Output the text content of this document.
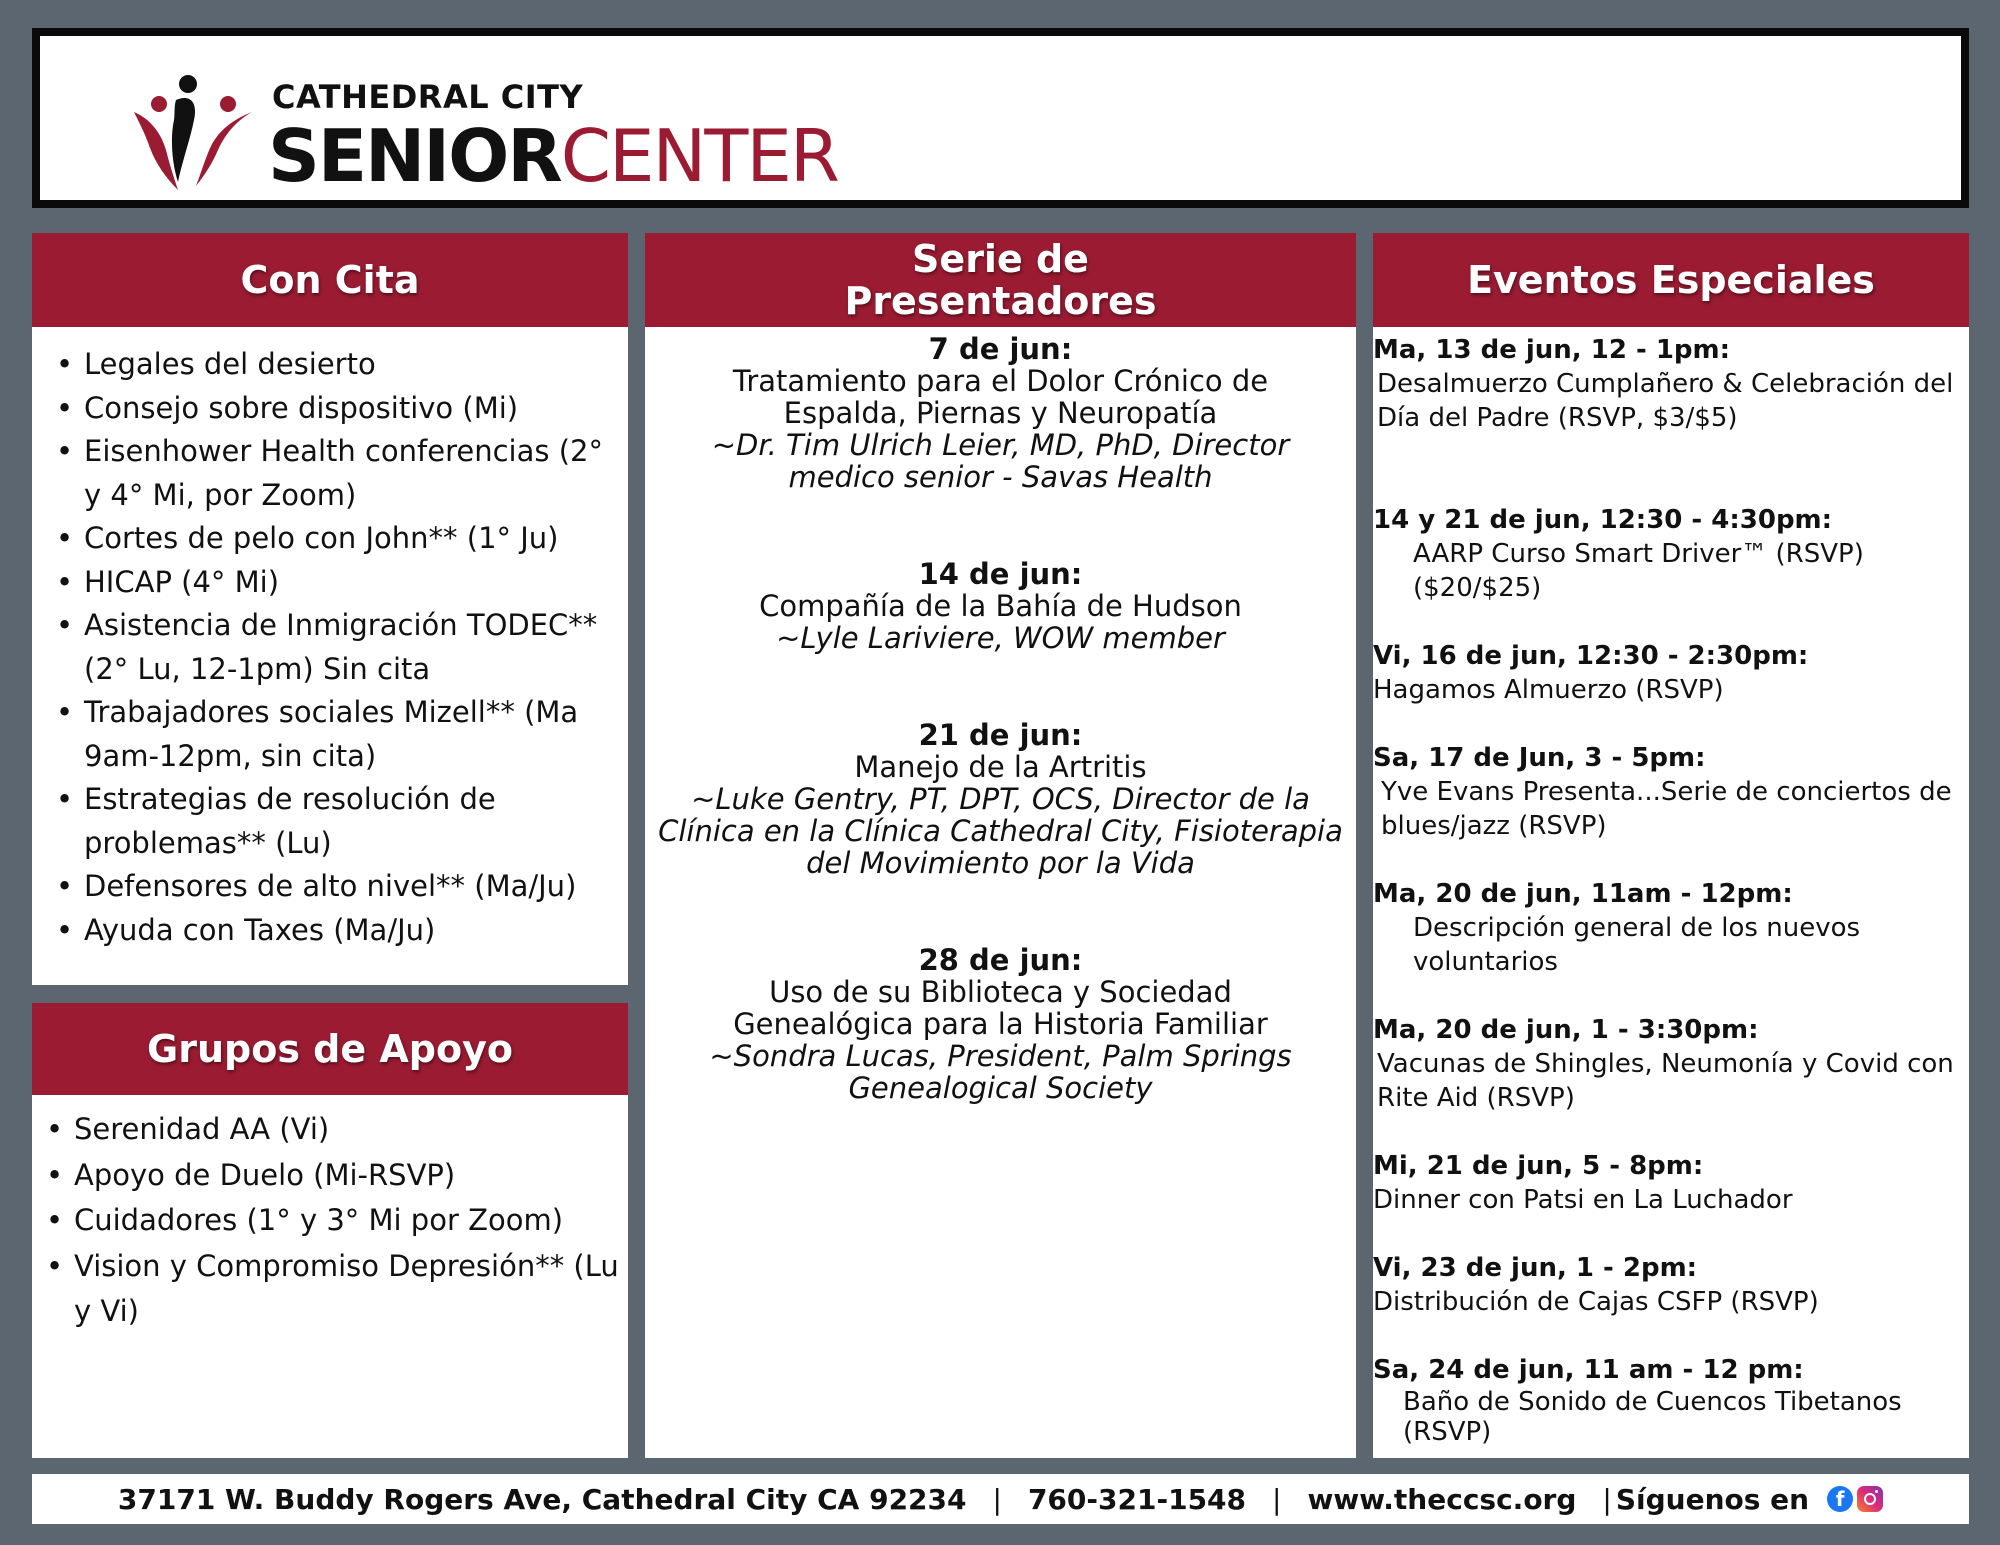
CATHEDRAL CITY
SENIORCENTER
Con Cita
• Legales del desierto
• Consejo sobre dispositivo (Mi)
• Eisenhower Health conferencias (2° y 4° Mi, por Zoom)
• Cortes de pelo con John** (1° Ju)
• HICAP (4° Mi)
• Asistencia de Inmigración TODEC** (2° Lu, 12-1pm) Sin cita
• Trabajadores sociales Mizell** (Ma 9am-12pm, sin cita)
• Estrategias de resolución de problemas** (Lu)
• Defensores de alto nivel** (Ma/Ju)
• Ayuda con Taxes (Ma/Ju)
Grupos de Apoyo
• Serenidad AA (Vi)
• Apoyo de Duelo (Mi-RSVP)
• Cuidadores (1° y 3° Mi por Zoom)
• Vision y Compromiso Depresión** (Lu y Vi)
Serie de
Presentadores
7 de jun:
Tratamiento para el Dolor Crónico de Espalda, Piernas y Neuropatía
~Dr. Tim Ulrich Leier, MD, PhD, Director medico senior - Savas Health
14 de jun:
Compañía de la Bahía de Hudson
~Lyle Lariviere, WOW member
21 de jun:
Manejo de la Artritis
~Luke Gentry, PT, DPT, OCS, Director de la Clínica en la Clínica Cathedral City, Fisioterapia del Movimiento por la Vida
28 de jun:
Uso de su Biblioteca y Sociedad Genealógica para la Historia Familiar
~Sondra Lucas, President, Palm Springs Genealogical Society
Eventos Especiales
Ma, 13 de jun, 12 - 1pm:
Desalmuerzo Cumplañero & Celebración del Día del Padre (RSVP, $3/$5)
14 y 21 de jun, 12:30 - 4:30pm:
AARP Curso Smart Driver™ (RSVP) ($20/$25)
Vi, 16 de jun, 12:30 - 2:30pm:
Hagamos Almuerzo (RSVP)
Sa, 17 de Jun, 3 - 5pm:
Yve Evans Presenta...Serie de conciertos de blues/jazz (RSVP)
Ma, 20 de jun, 11am - 12pm:
Descripción general de los nuevos voluntarios
Ma, 20 de jun, 1 - 3:30pm:
Vacunas de Shingles, Neumonía y Covid con Rite Aid (RSVP)
Mi, 21 de jun, 5 - 8pm:
Dinner con Patsi en La Luchador
Vi, 23 de jun, 1 - 2pm:
Distribución de Cajas CSFP (RSVP)
Sa, 24 de jun, 11 am - 12 pm:
Baño de Sonido de Cuencos Tibetanos (RSVP)
37171 W. Buddy Rogers Ave, Cathedral City CA 92234 | 760-321-1548 | www.theccsc.org | Síguenos en	f
